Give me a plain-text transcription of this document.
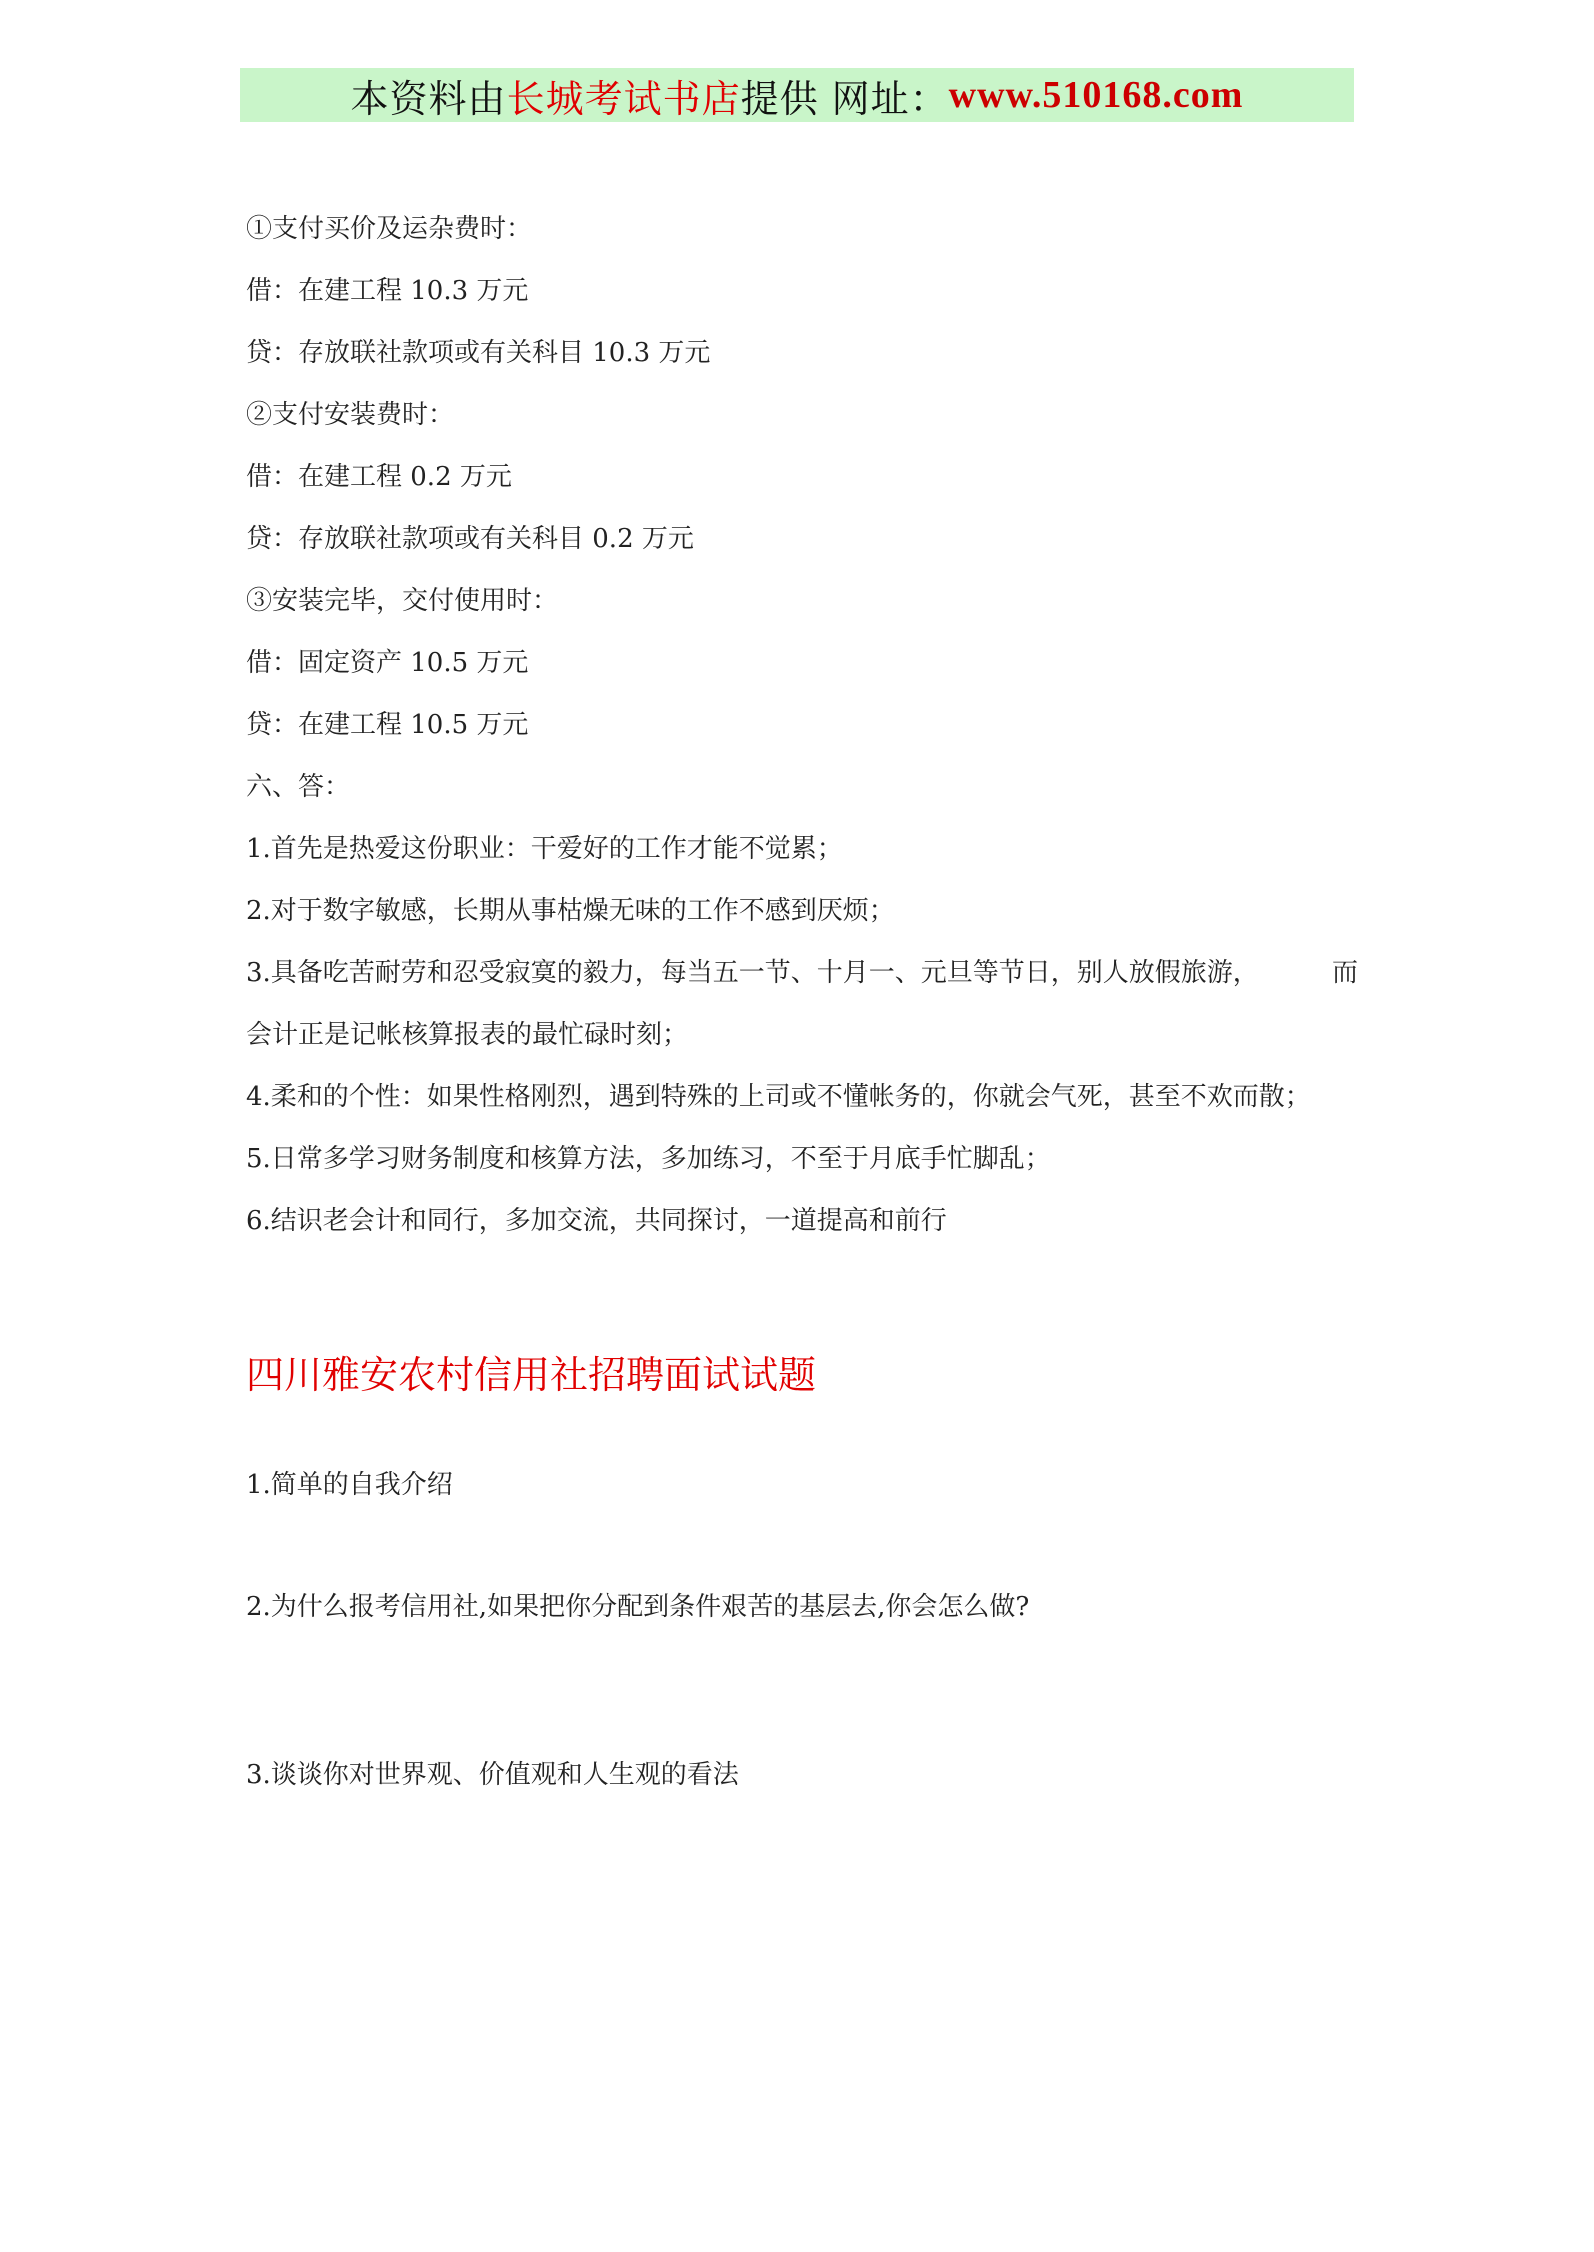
本资料由 长城考试书店 提供 网址： www.510168.com
①支付买价及运杂费时：
借：在建工程 10.3 万元
贷：存放联社款项或有关科目 10.3 万元
②支付安装费时：
借：在建工程 0.2 万元
贷：存放联社款项或有关科目 0.2 万元
③安装完毕，交付使用时：
借：固定资产 10.5 万元
贷：在建工程 10.5 万元
六、答：
1.首先是热爱这份职业：干爱好的工作才能不觉累；
2.对于数字敏感，长期从事枯燥无味的工作不感到厌烦；
3.具备吃苦耐劳和忍受寂寞的毅力，每当五一节、十月一、元旦等节日，别人放假旅游，	而
会计正是记帐核算报表的最忙碌时刻；
4.柔和的个性：如果性格刚烈，遇到特殊的上司或不懂帐务的，你就会气死，甚至不欢而散；
5.日常多学习财务制度和核算方法，多加练习，不至于月底手忙脚乱；
6.结识老会计和同行，多加交流，共同探讨，一道提高和前行
四川雅安农村信用社招聘面试试题
1.简单的自我介绍
2.为什么报考信用社,如果把你分配到条件艰苦的基层去,你会怎么做?
3.谈谈你对世界观、价值观和人生观的看法
